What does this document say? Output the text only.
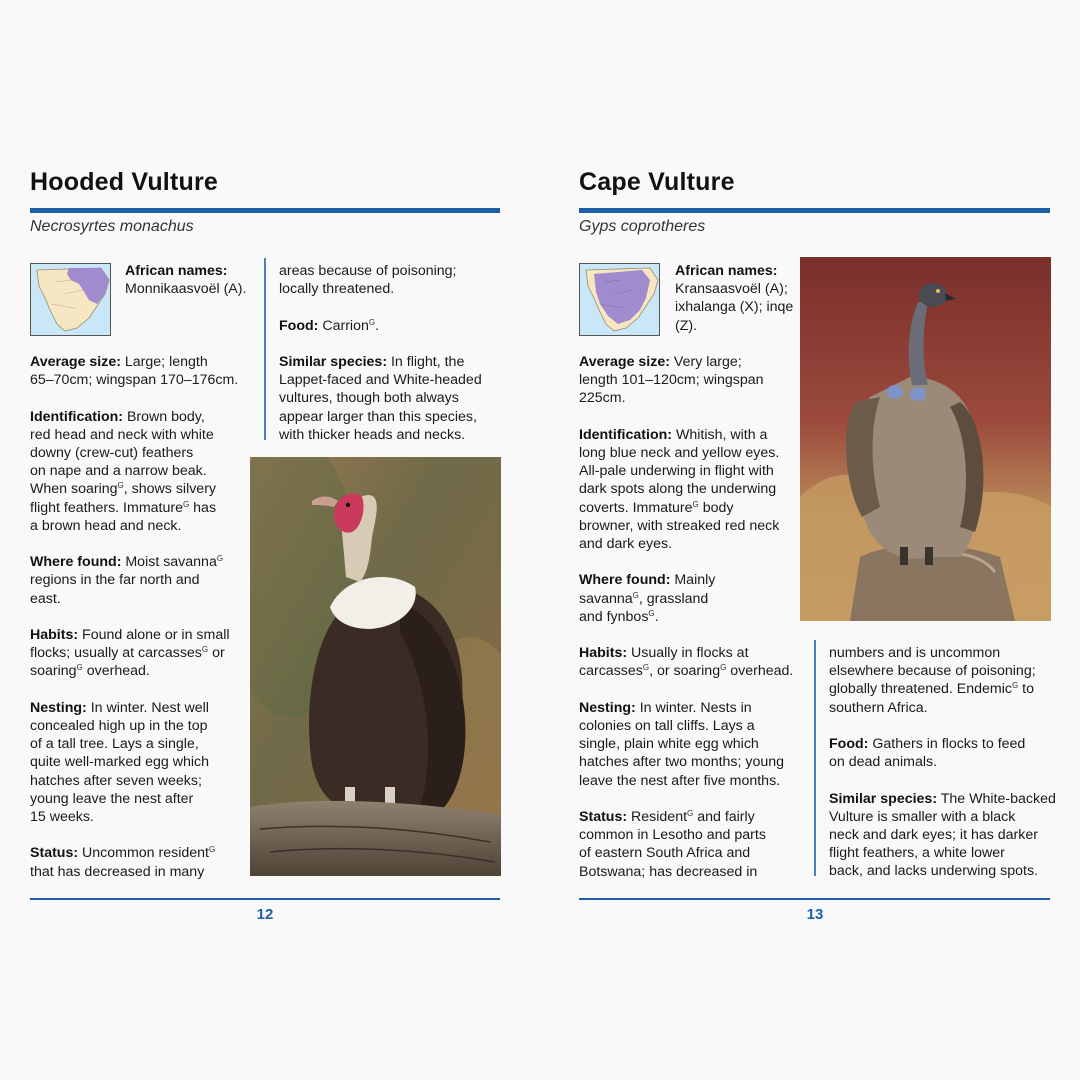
Hooded Vulture
Necrosyrtes monachus
African names: Monnikaasvoël (A).

Average size: Large; length
65–70cm; wingspan 170–176cm.

Identification: Brown body,
red head and neck with white
downy (crew-cut) feathers
on nape and a narrow beak.
When soaring$^G$, shows silvery
flight feathers. Immature$^G$ has
a brown head and neck.

Where found: Moist savanna$^G$
regions in the far north and
east.

Habits: Found alone or in small
flocks; usually at carcasses$^G$ or
soaring$^G$ overhead.

Nesting: In winter. Nest well
concealed high up in the top
of a tall tree. Lays a single,
quite well-marked egg which
hatches after seven weeks;
young leave the nest after
15 weeks.

Status: Uncommon resident$^G$
that has decreased in many

areas because of poisoning;
locally threatened.

Food: Carrion$^G$.

Similar species: In flight, the
Lappet-faced and White-headed
vultures, though both always
appear larger than this species,
with thicker heads and necks.

12
Cape Vulture
Gyps coprotheres
African names: Kransaasvoël (A); ixhalanga (X); inqe (Z).

Average size: Very large;
length 101–120cm; wingspan
225cm.

Identification: Whitish, with a
long blue neck and yellow eyes.
All-pale underwing in flight with
dark spots along the underwing
coverts. Immature$^G$ body
browner, with streaked red neck
and dark eyes.

Where found: Mainly
savanna$^G$, grassland
and fynbos$^G$.

Habits: Usually in flocks at
carcasses$^G$, or soaring$^G$ overhead.

Nesting: In winter. Nests in
colonies on tall cliffs. Lays a
single, plain white egg which
hatches after two months; young
leave the nest after five months.

Status: Resident$^G$ and fairly
common in Lesotho and parts
of eastern South Africa and
Botswana; has decreased in

numbers and is uncommon
elsewhere because of poisoning;
globally threatened. Endemic$^G$ to
southern Africa.

Food: Gathers in flocks to feed
on dead animals.

Similar species: The White-backed
Vulture is smaller with a black
neck and dark eyes; it has darker
flight feathers, a white lower
back, and lacks underwing spots.

13
